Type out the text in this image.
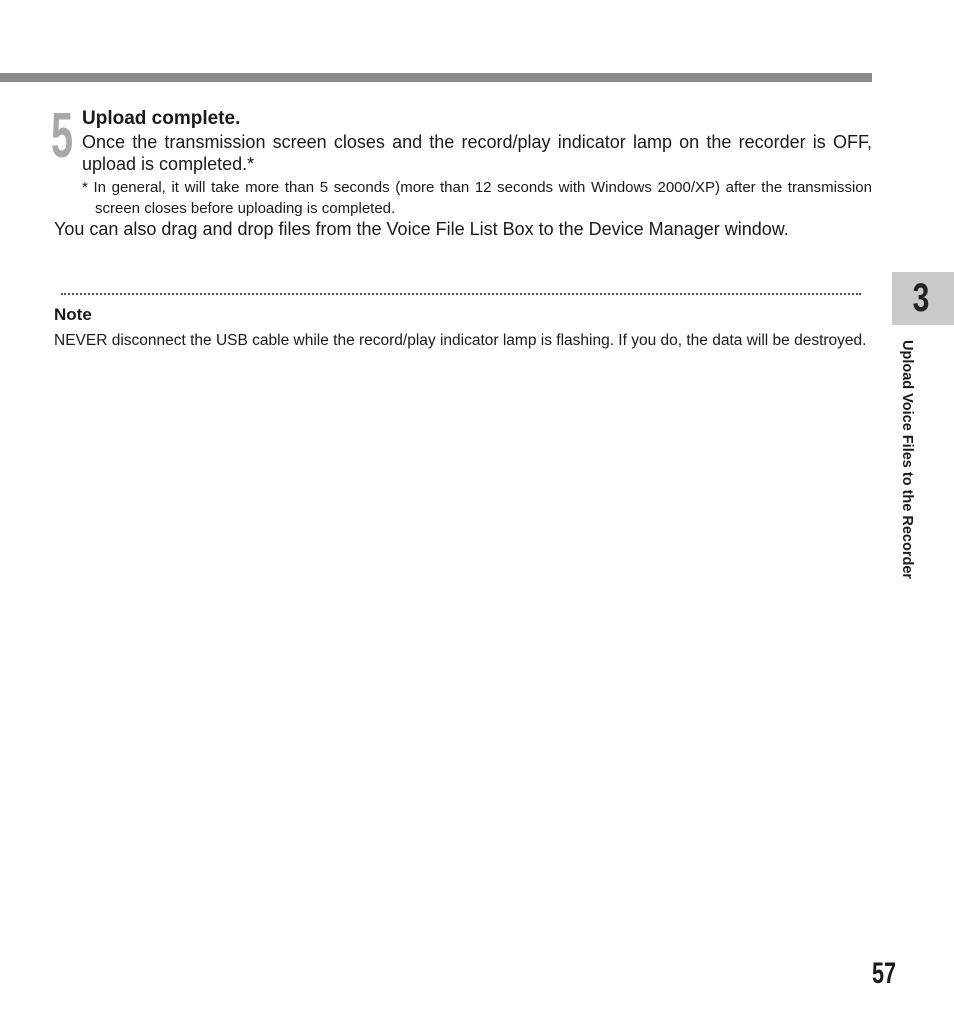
5 Upload complete.
Once the transmission screen closes and the record/play indicator lamp on the recorder is OFF, upload is completed.*
* In general, it will take more than 5 seconds (more than 12 seconds with Windows 2000/XP) after the transmission screen closes before uploading is completed.
You can also drag and drop files from the Voice File List Box to the Device Manager window.
Note
NEVER disconnect the USB cable while the record/play indicator lamp is flashing. If you do, the data will be destroyed.
3
Upload Voice Files to the Recorder
57
